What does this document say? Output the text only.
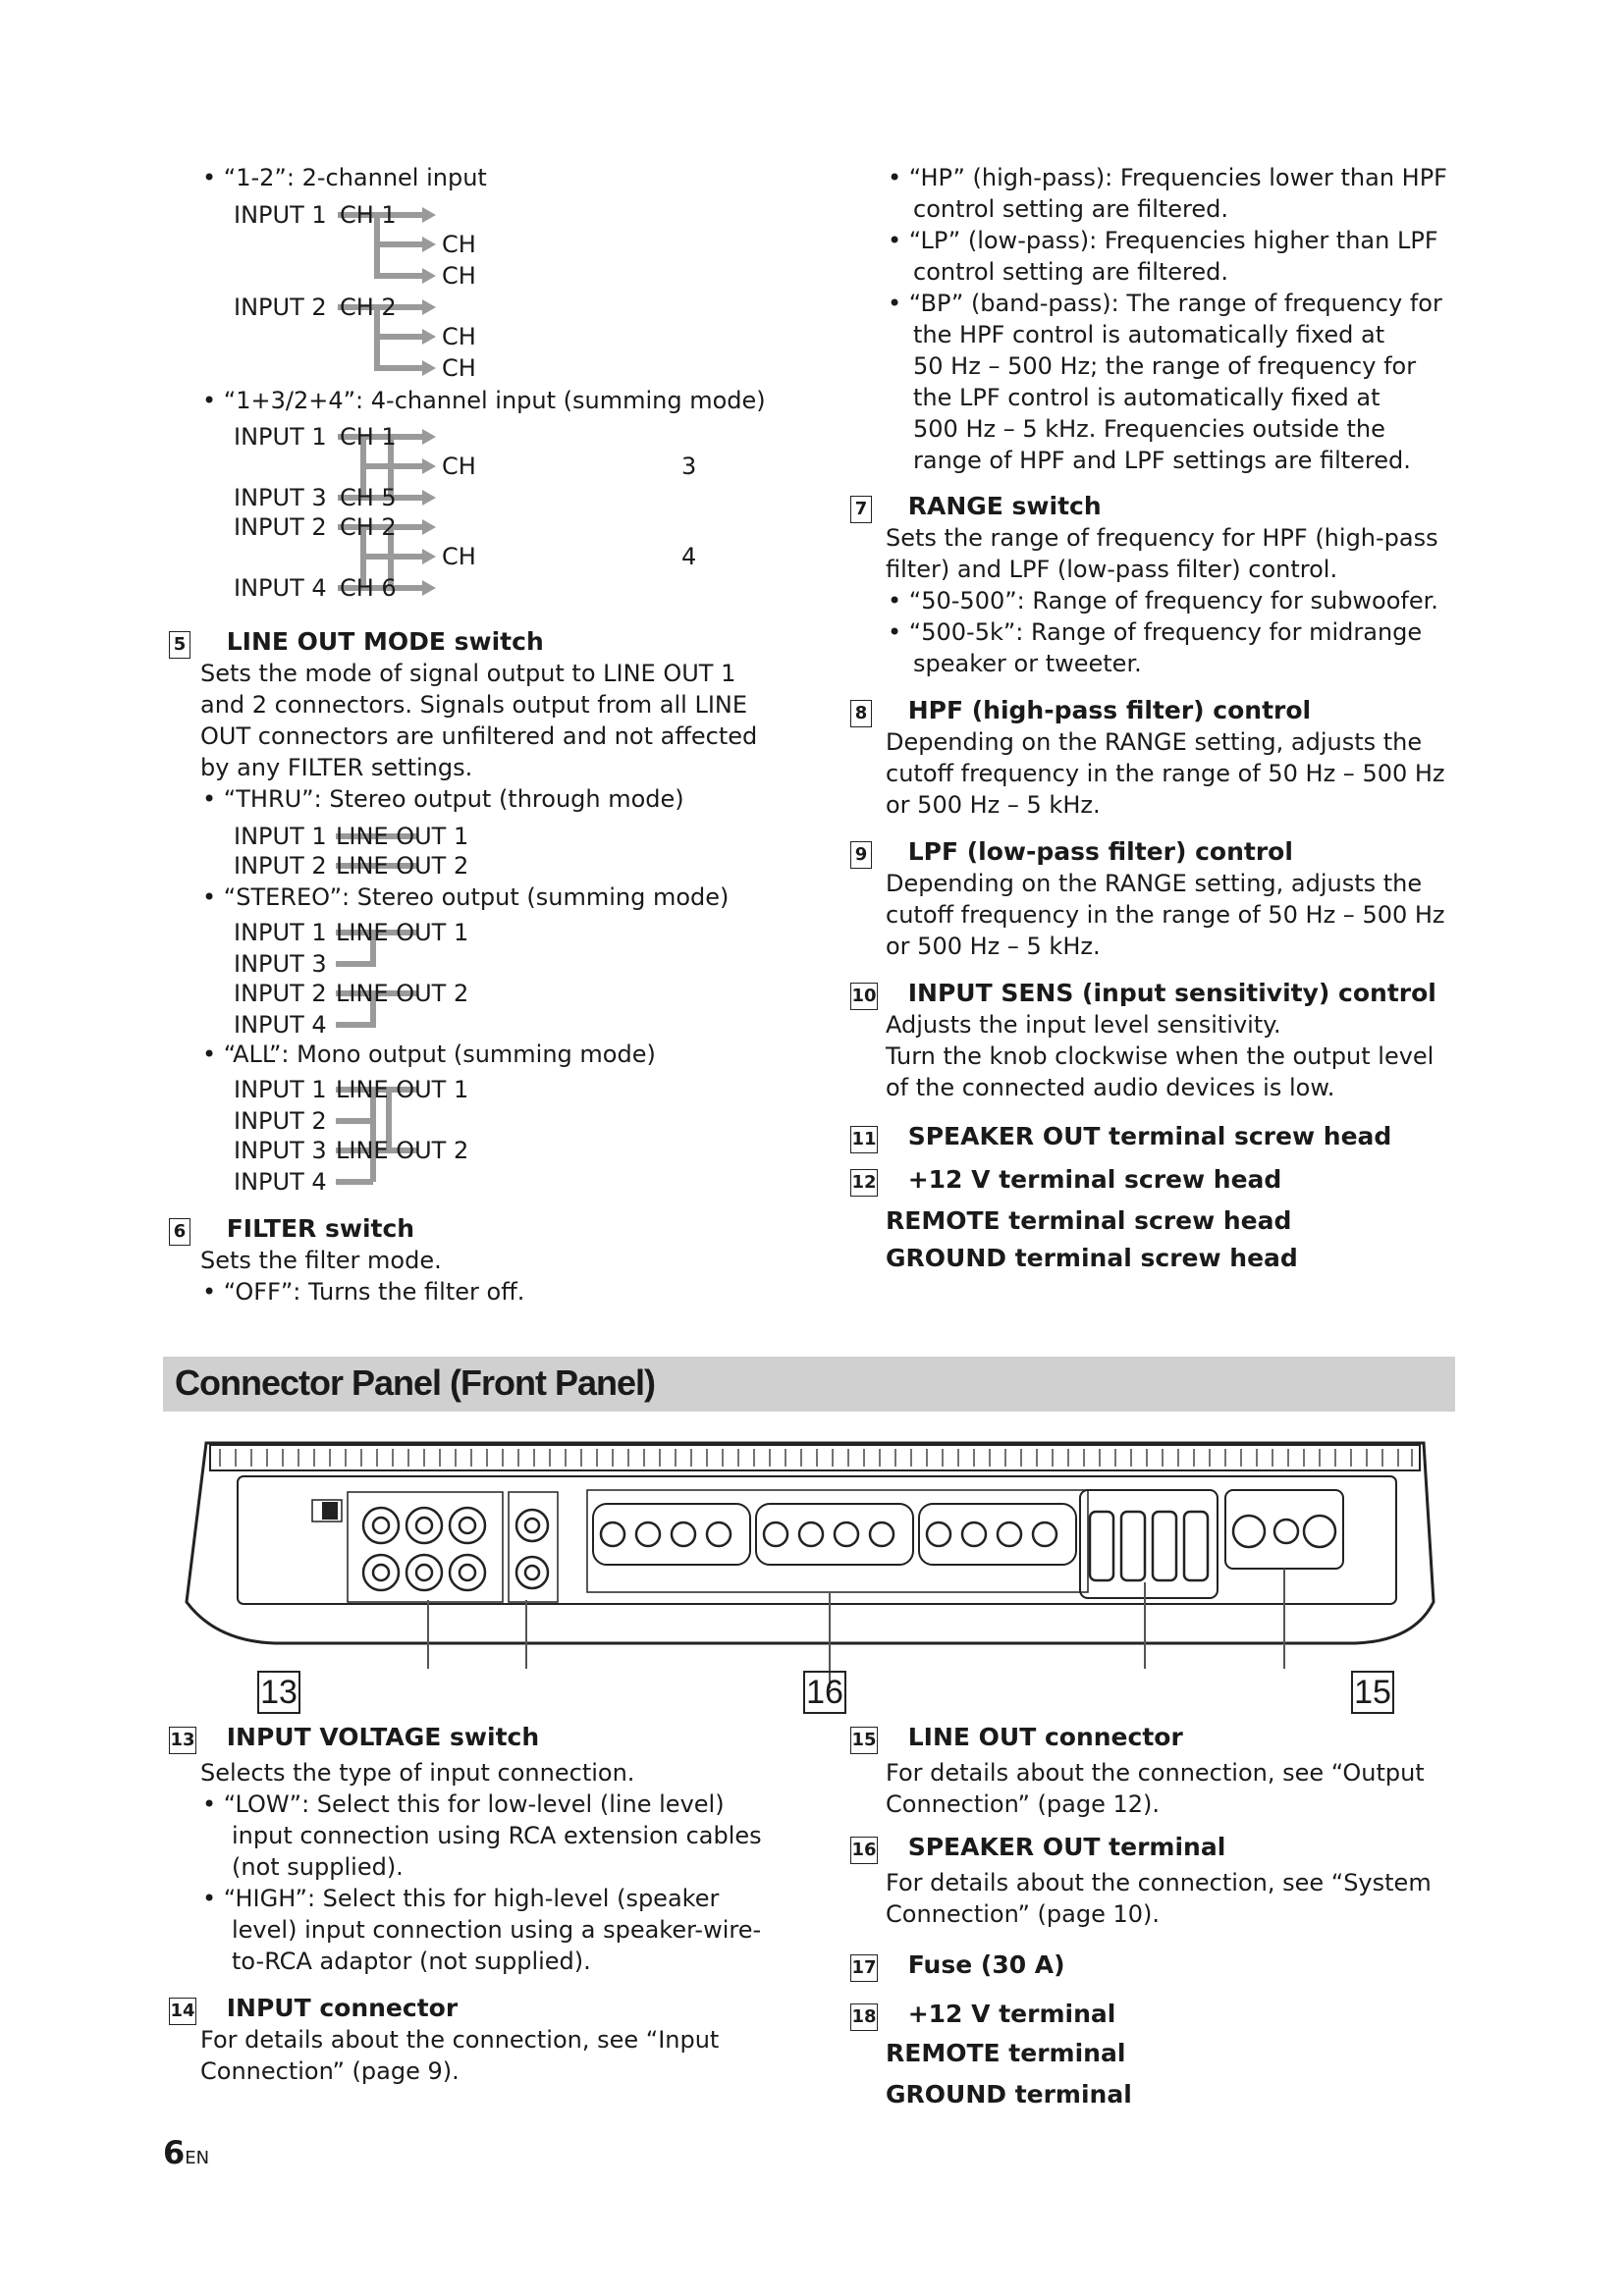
• “1-2”: 2-channel input
INPUT 1 CH 1
CH
CH
INPUT 2 CH 2
CH
CH
• “1+3/2+4”: 4-channel input (summing mode)
INPUT 1 CH 1
CH	3
INPUT 3 CH 5
INPUT 2 CH 2
CH	4
INPUT 4 CH 6
5 LINE OUT MODE switch
Sets the mode of signal output to LINE OUT 1
and 2 connectors. Signals output from all LINE
OUT connectors are unfiltered and not affected
by any FILTER settings.
• “THRU”: Stereo output (through mode)
INPUT 1 LINE OUT 1
INPUT 2 LINE OUT 2
• “STEREO”: Stereo output (summing mode)
INPUT 1 LINE OUT 1
INPUT 3
INPUT 2 LINE OUT 2
INPUT 4
• “ALL”: Mono output (summing mode)
INPUT 1 LINE OUT 1
INPUT 2
INPUT 3 LINE OUT 2
INPUT 4
6 FILTER switch
Sets the filter mode.
• “OFF”: Turns the filter off.
• “HP” (high-pass): Frequencies lower than HPF
control setting are filtered.
• “LP” (low-pass): Frequencies higher than LPF
control setting are filtered.
• “BP” (band-pass): The range of frequency for
the HPF control is automatically fixed at
50 Hz – 500 Hz; the range of frequency for
the LPF control is automatically fixed at
500 Hz – 5 kHz. Frequencies outside the
range of HPF and LPF settings are filtered.
7 RANGE switch
Sets the range of frequency for HPF (high-pass
filter) and LPF (low-pass filter) control.
• “50-500”: Range of frequency for subwoofer.
• “500-5k”: Range of frequency for midrange
speaker or tweeter.
8 HPF (high-pass filter) control
Depending on the RANGE setting, adjusts the
cutoff frequency in the range of 50 Hz – 500 Hz
or 500 Hz – 5 kHz.
9 LPF (low-pass filter) control
Depending on the RANGE setting, adjusts the
cutoff frequency in the range of 50 Hz – 500 Hz
or 500 Hz – 5 kHz.
10 INPUT SENS (input sensitivity) control
Adjusts the input level sensitivity.
Turn the knob clockwise when the output level
of the connected audio devices is low.
11 SPEAKER OUT terminal screw head
12 +12 V terminal screw head
REMOTE terminal screw head
GROUND terminal screw head
Connector Panel (Front Panel)
13	16	15
13 INPUT VOLTAGE switch
Selects the type of input connection.
• “LOW”: Select this for low-level (line level)
input connection using RCA extension cables
(not supplied).
• “HIGH”: Select this for high-level (speaker
level) input connection using a speaker-wire-
to-RCA adaptor (not supplied).
14 INPUT connector
For details about the connection, see “Input
Connection” (page 9).
15 LINE OUT connector
For details about the connection, see “Output
Connection” (page 12).
16 SPEAKER OUT terminal
For details about the connection, see “System
Connection” (page 10).
17 Fuse (30 A)
18 +12 V terminal
REMOTE terminal
GROUND terminal
6EN
